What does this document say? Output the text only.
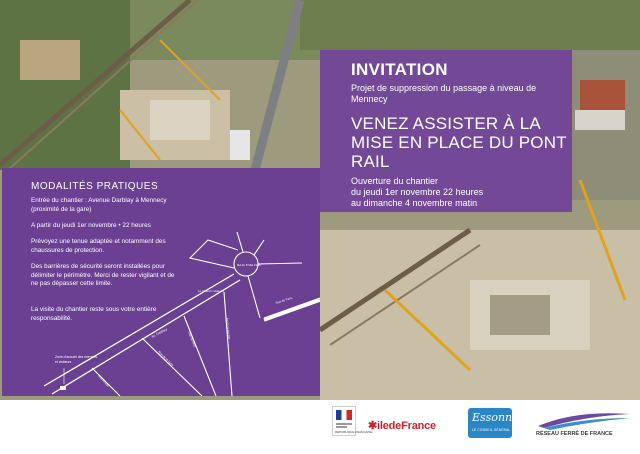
MODALITÉS PRATIQUES
Entrée du chantier : Avenue Darblay à Mennecy (proximité de la gare)
A partir du jeudi 1er novembre • 22 heures
Prévoyez une tenue adaptée et notamment des chaussures de protection.
Des barrières de sécurité seront installées pour délimiter le périmètre. Merci de rester vigilant et de ne pas dépasser cette limite.
La visite du chantier reste sous votre entière responsabilité.
Rd du 8 Mai 1945
Zone d'accueil des riverains
et visiteurs
Av. Darblay
Le Chemin Valentin
Rue de Paris
Rue de la Gare
Rue du Bois	Bd de la Verville
Rue Amiral
INVITATION
Projet de suppression du passage à niveau de Mennecy
VENEZ ASSISTER À LA MISE EN PLACE DU PONT RAIL
Ouverture du chantier
du jeudi 1er novembre 22 heures
au dimanche 4 novembre matin
RÉPUBLIQUE FRANÇAISE
✱iledeFrance
Essonne
LE CONSEIL GÉNÉRAL
RÉSEAU FERRÉ DE FRANCE
